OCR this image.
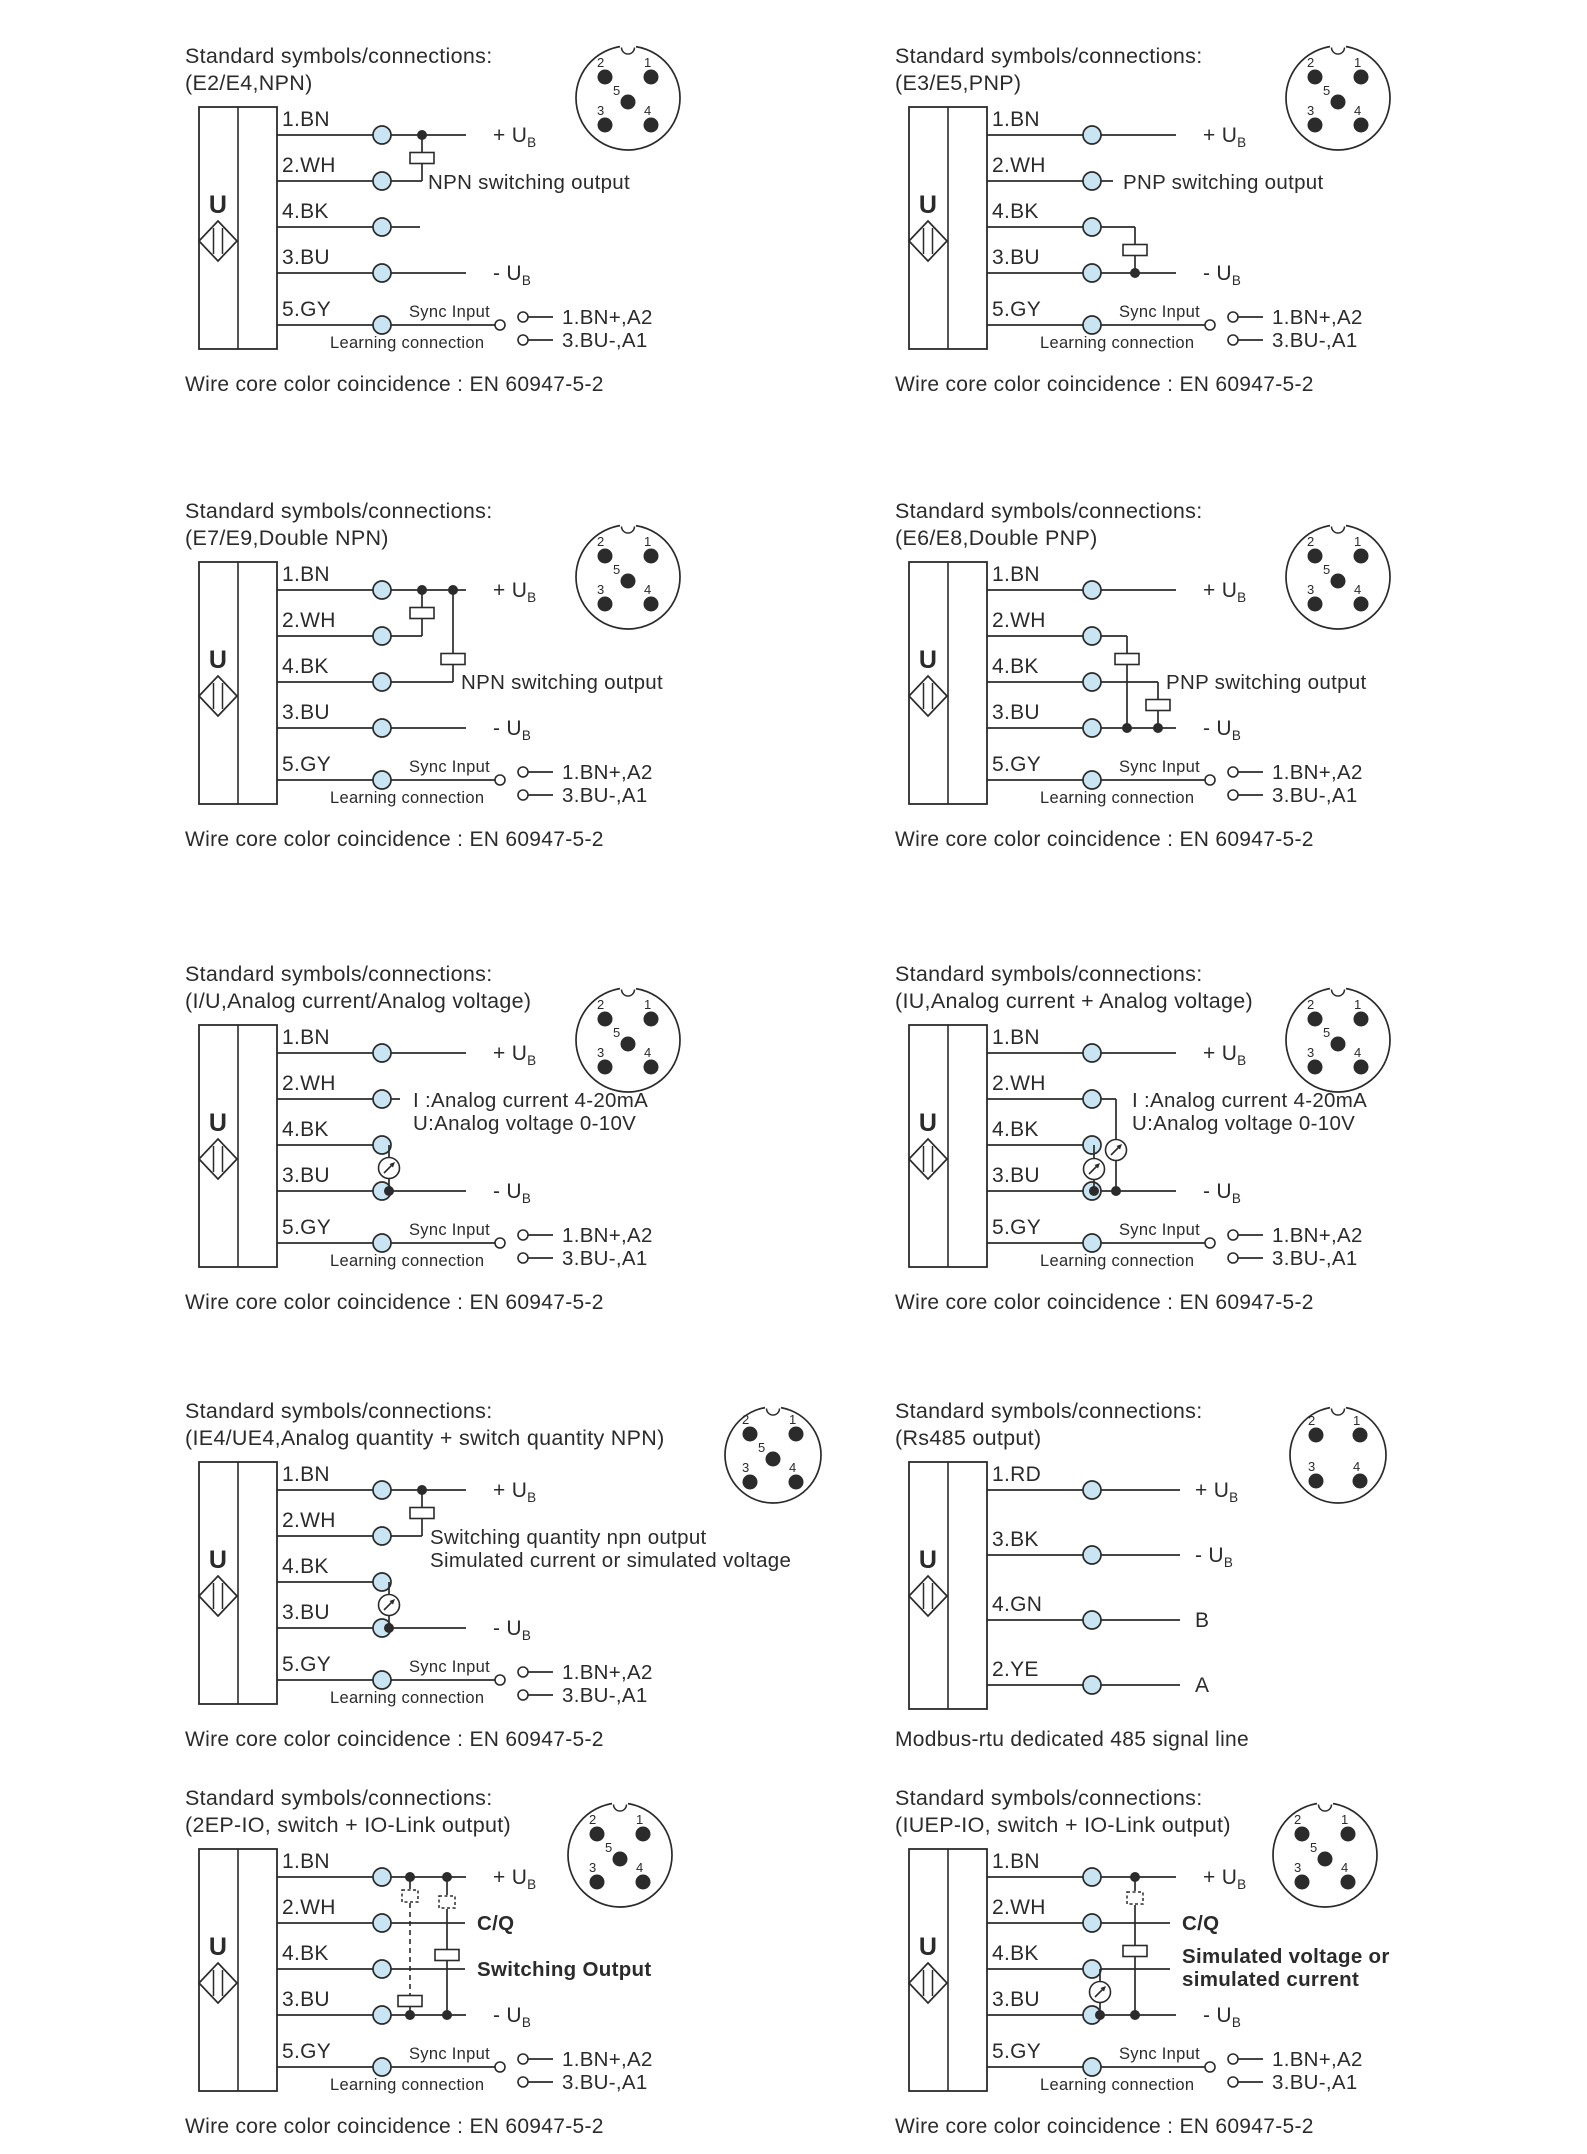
Standard symbols/connections:
(E2/E4,NPN)
2	1
5
3	4
U
1.BN
+ $U_B$
2.WH
4.BK
3.BU
- $U_B$
5.GY	Sync Input
Learning connection
1.BN+,A2
3.BU-,A1
NPN switching output
Wire core color coincidence : EN 60947-5-2
Standard symbols/connections:
(E3/E5,PNP)
2	1
5
3	4
U
1.BN
+ $U_B$
2.WH
4.BK
3.BU
- $U_B$
5.GY	Sync Input
Learning connection
1.BN+,A2
3.BU-,A1
PNP switching output
Wire core color coincidence : EN 60947-5-2
Standard symbols/connections:
(E7/E9,Double NPN)	2	1
5
3	4
U
1.BN
+ $U_B$
2.WH
4.BK
3.BU
- $U_B$
5.GY	Sync Input
Learning connection
1.BN+,A2
3.BU-,A1
NPN switching output
Wire core color coincidence : EN 60947-5-2
Standard symbols/connections:
(E6/E8,Double PNP)	2	1
5
3	4
U
1.BN
+ $U_B$
2.WH
4.BK
3.BU
- $U_B$
5.GY	Sync Input
Learning connection
1.BN+,A2
3.BU-,A1
PNP switching output
Wire core color coincidence : EN 60947-5-2
Standard symbols/connections:
(I/U,Analog current/Analog voltage)	2	1
5
3	4
U
1.BN
+ $U_B$
2.WH
4.BK
3.BU
- $U_B$
5.GY	Sync Input
Learning connection
1.BN+,A2
3.BU-,A1
I :Analog current 4-20mA
U:Analog voltage 0-10V
Wire core color coincidence : EN 60947-5-2
Standard symbols/connections:
(IU,Analog current + Analog voltage)	2	1
5
3	4
U
1.BN
+ $U_B$
2.WH
4.BK
3.BU
- $U_B$
5.GY	Sync Input
Learning connection
1.BN+,A2
3.BU-,A1
I :Analog current 4-20mA
U:Analog voltage 0-10V
Wire core color coincidence : EN 60947-5-2
Standard symbols/connections:
(IE4/UE4,Analog quantity + switch quantity NPN)
2	1
5
3	4
U
1.BN
+ $U_B$
2.WH
4.BK
3.BU
- $U_B$
5.GY	Sync Input
Learning connection
1.BN+,A2
3.BU-,A1
Switching quantity npn output
Simulated current or simulated voltage
Wire core color coincidence : EN 60947-5-2
Standard symbols/connections:
(Rs485 output)
2	1
3	4
U
1.RD
+ $U_B$
3.BK
- $U_B$
4.GN
B
2.YE
A
Modbus-rtu dedicated 485 signal line
Standard symbols/connections:
(2EP-IO, switch + IO-Link output)	2	1
5
3	4
U
1.BN
+ $U_B$
2.WH
4.BK
3.BU
- $U_B$
5.GY	Sync Input
Learning connection
1.BN+,A2
3.BU-,A1
C/Q
Switching Output
Wire core color coincidence : EN 60947-5-2
Standard symbols/connections:
(IUEP-IO, switch + IO-Link output)	2	1
5
3	4
U
1.BN
+ $U_B$
2.WH
4.BK
3.BU
- $U_B$
5.GY	Sync Input
Learning connection
1.BN+,A2
3.BU-,A1
C/Q
Simulated voltage or
simulated current
Wire core color coincidence : EN 60947-5-2
